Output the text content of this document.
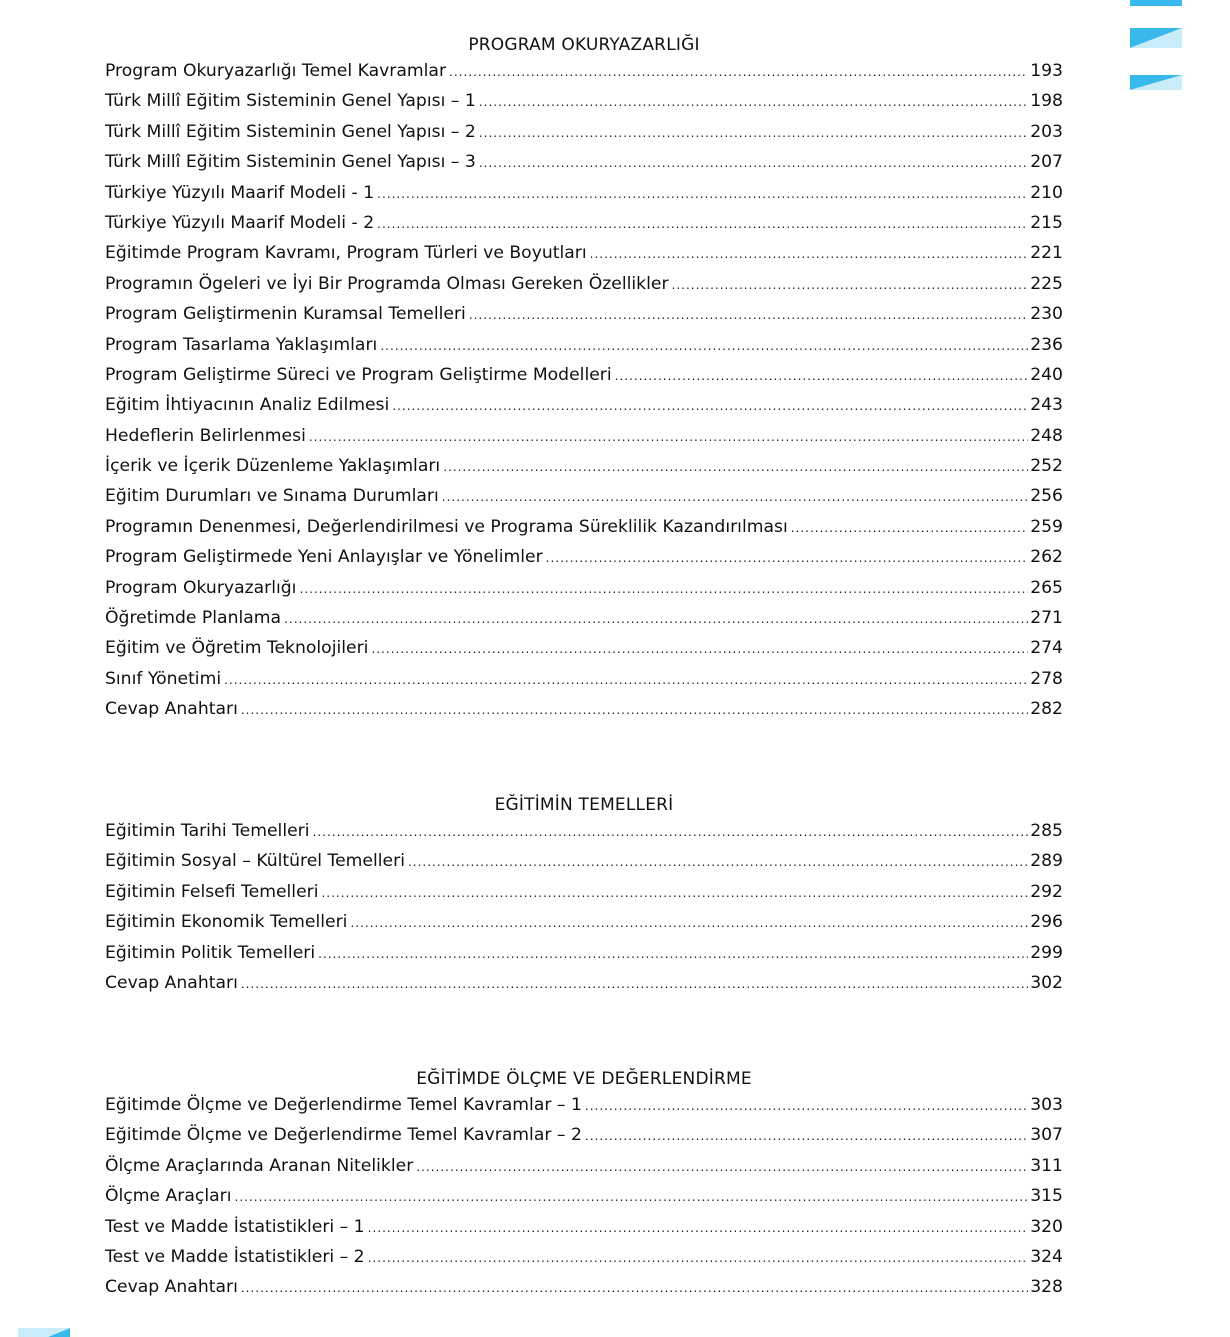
PROGRAM OKURYAZARLIĞI
Program Okuryazarlığı Temel Kavramlar .....	193
Türk Millî Eğitim Sisteminin Genel Yapısı – 1 .....	198
Türk Millî Eğitim Sisteminin Genel Yapısı – 2 .....	203
Türk Millî Eğitim Sisteminin Genel Yapısı – 3 .....	207
Türkiye Yüzyılı Maarif Modeli - 1 .....	210
Türkiye Yüzyılı Maarif Modeli - 2 .....	215
Eğitimde Program Kavramı, Program Türleri ve Boyutları .....	221
Programın Ögeleri ve İyi Bir Programda Olması Gereken Özellikler .....	225
Program Geliştirmenin Kuramsal Temelleri .....	230
Program Tasarlama Yaklaşımları .....	236
Program Geliştirme Süreci ve Program Geliştirme Modelleri .....	240
Eğitim İhtiyacının Analiz Edilmesi .....	243
Hedeflerin Belirlenmesi .....	248
İçerik ve İçerik Düzenleme Yaklaşımları .....	252
Eğitim Durumları ve Sınama Durumları .....	256
Programın Denenmesi, Değerlendirilmesi ve Programa Süreklilik Kazandırılması .....	259
Program Geliştirmede Yeni Anlayışlar ve Yönelimler .....	262
Program Okuryazarlığı .....	265
Öğretimde Planlama .....	271
Eğitim ve Öğretim Teknolojileri .....	274
Sınıf Yönetimi .....	278
Cevap Anahtarı .....	282
EĞİTİMİN TEMELLERİ
Eğitimin Tarihi Temelleri .....	285
Eğitimin Sosyal – Kültürel Temelleri .....	289
Eğitimin Felsefi Temelleri .....	292
Eğitimin Ekonomik Temelleri .....	296
Eğitimin Politik Temelleri .....	299
Cevap Anahtarı .....	302
EĞİTİMDE ÖLÇME VE DEĞERLENDİRME
Eğitimde Ölçme ve Değerlendirme Temel Kavramlar – 1 .....	303
Eğitimde Ölçme ve Değerlendirme Temel Kavramlar – 2 .....	307
Ölçme Araçlarında Aranan Nitelikler .....	311
Ölçme Araçları .....	315
Test ve Madde İstatistikleri – 1 .....	320
Test ve Madde İstatistikleri – 2 .....	324
Cevap Anahtarı .....	328
